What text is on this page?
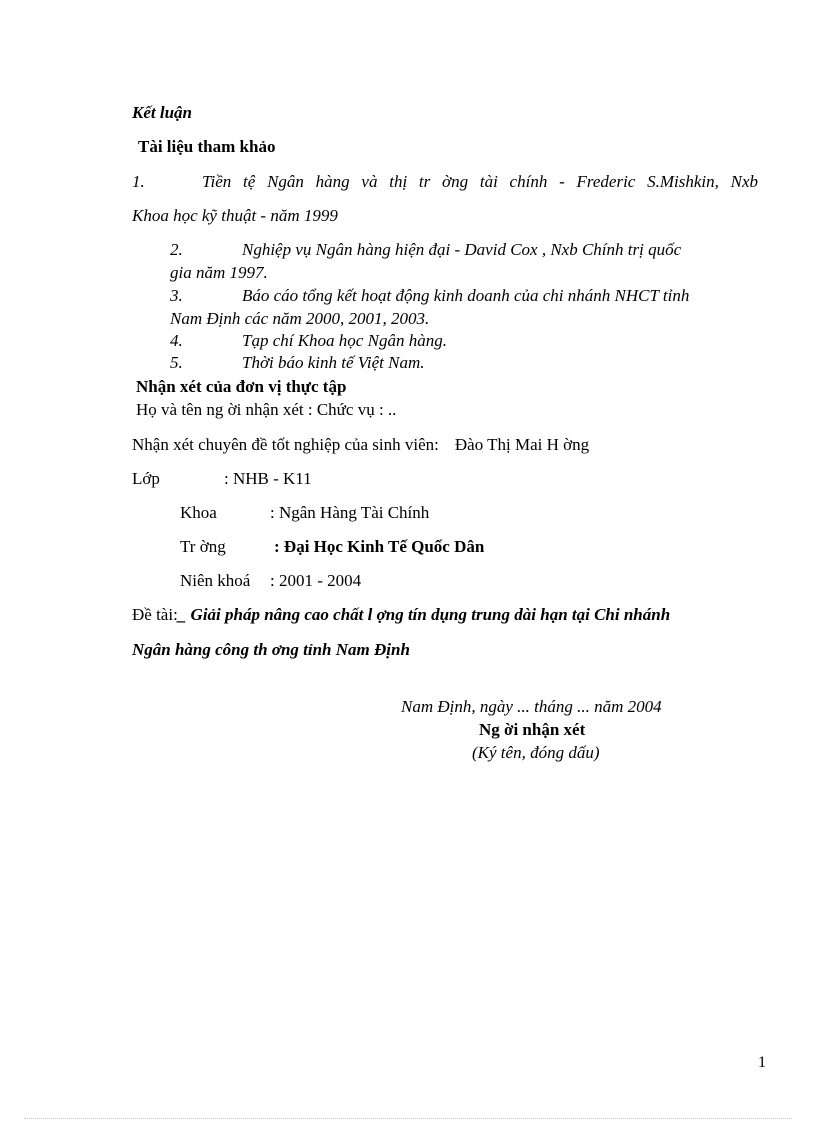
Kết luận
Tài liệu tham khảo
1.	Tiền tệ Ngân hàng và thị tr ờng tài chính - Frederic S.Mishkin, Nxb
Khoa học kỹ thuật - năm 1999
2.	Nghiệp vụ Ngân hàng hiện đại - David Cox , Nxb Chính trị quốc
gia năm 1997.
3.	Báo cáo tổng kết hoạt động kinh doanh của chi nhánh NHCT tỉnh
Nam Định các năm 2000, 2001, 2003.
4.	Tạp chí Khoa học Ngân hàng.
5.	Thời báo kinh tế Việt Nam.
Nhận xét của đơn vị thực tập
Họ và tên ng ời nhận xét : Chức vụ : ..
Nhận xét chuyên đề tốt nghiệp của sinh viên: Đào Thị Mai H ờng
Lớp	: NHB - K11
Khoa	: Ngân Hàng Tài Chính
Tr ờng	: Đại Học Kinh Tế Quốc Dân
Niên khoá : 2001 - 2004
Đề tài:_ Giải pháp nâng cao chất l ợng tín dụng trung dài hạn tại Chi nhánh
Ngân hàng công th ơng tỉnh Nam Định
Nam Định, ngày ... tháng ... năm 2004
Ng ời nhận xét
(Ký tên, đóng dấu)
1
